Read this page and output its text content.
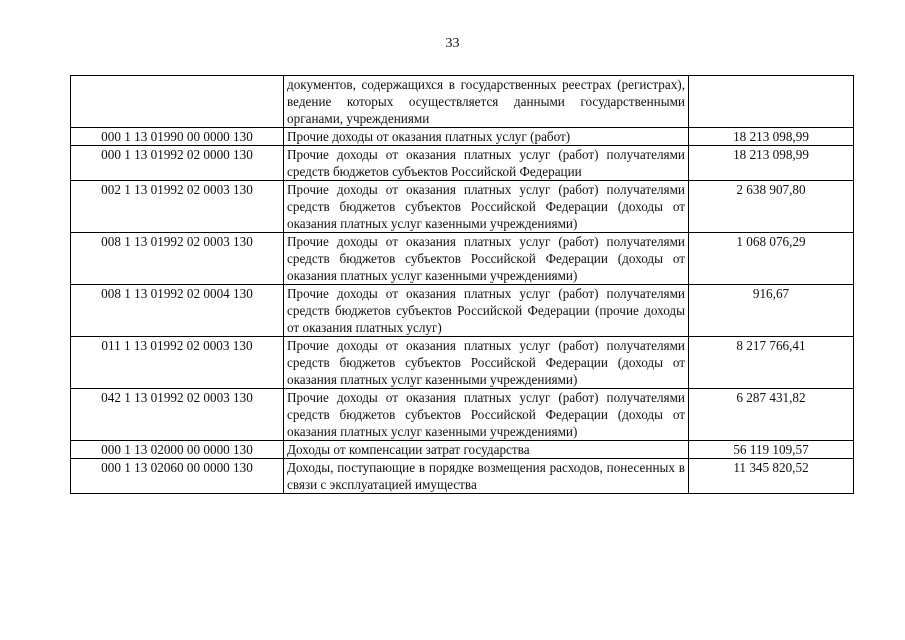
33
	документов, содержащихся в государственных реестрах (регистрах), ведение которых осуществляется данными государственными органами, учреждениями	
000 1 13 01990 00 0000 130	Прочие доходы от оказания платных услуг (работ)	18 213 098,99
000 1 13 01992 02 0000 130	Прочие доходы от оказания платных услуг (работ) получателями средств бюджетов субъектов Российской Федерации	18 213 098,99
002 1 13 01992 02 0003 130	Прочие доходы от оказания платных услуг (работ) получателями средств бюджетов субъектов Российской Федерации (доходы от оказания платных услуг казенными учреждениями)	2 638 907,80
008 1 13 01992 02 0003 130	Прочие доходы от оказания платных услуг (работ) получателями средств бюджетов субъектов Российской Федерации (доходы от оказания платных услуг казенными учреждениями)	1 068 076,29
008 1 13 01992 02 0004 130	Прочие доходы от оказания платных услуг (работ) получателями средств бюджетов субъектов Российской Федерации (прочие доходы от оказания платных услуг)	916,67
011 1 13 01992 02 0003 130	Прочие доходы от оказания платных услуг (работ) получателями средств бюджетов субъектов Российской Федерации (доходы от оказания платных услуг казенными учреждениями)	8 217 766,41
042 1 13 01992 02 0003 130	Прочие доходы от оказания платных услуг (работ) получателями средств бюджетов субъектов Российской Федерации (доходы от оказания платных услуг казенными учреждениями)	6 287 431,82
000 1 13 02000 00 0000 130	Доходы от компенсации затрат государства	56 119 109,57
000 1 13 02060 00 0000 130	Доходы, поступающие в порядке возмещения расходов, понесенных в связи с эксплуатацией имущества	11 345 820,52
